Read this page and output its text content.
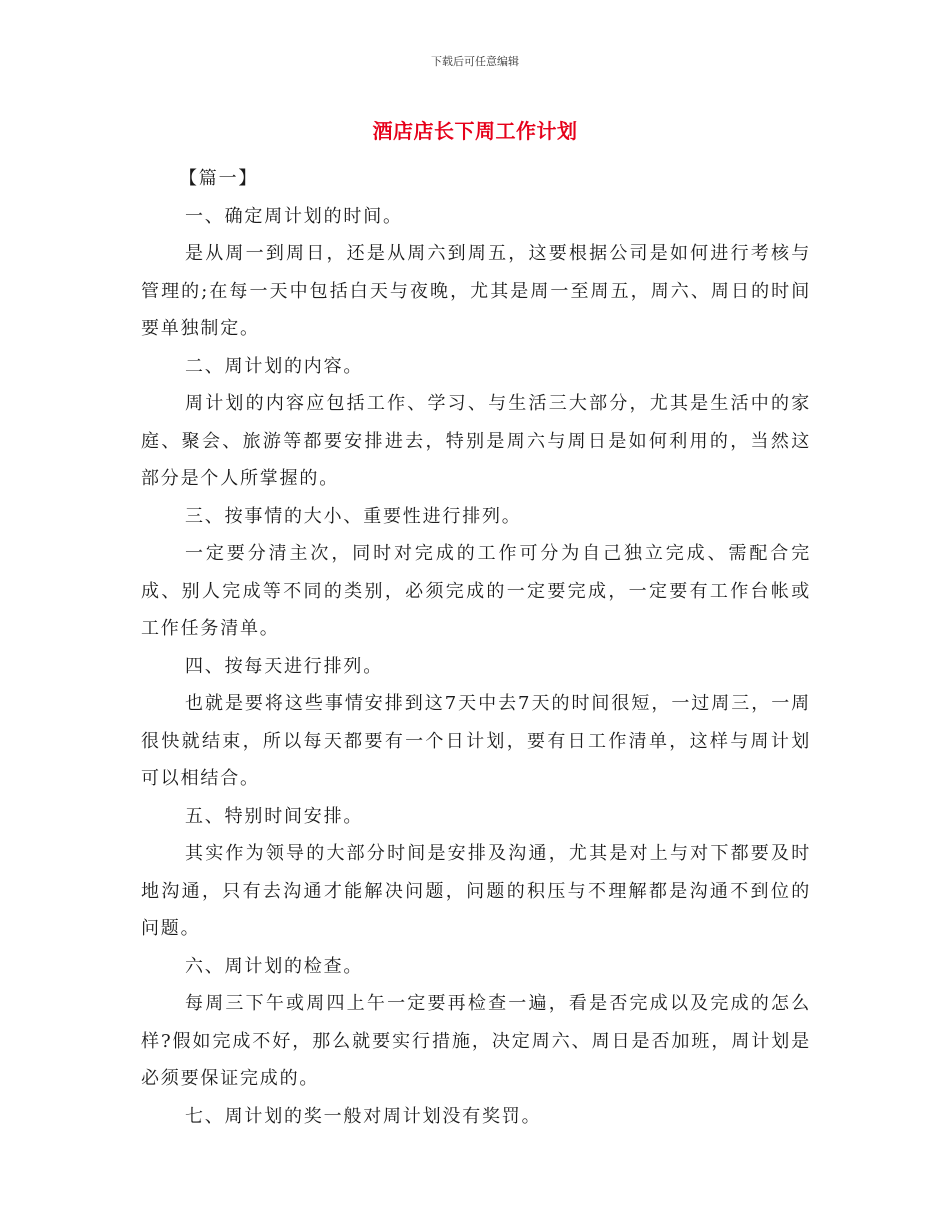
下载后可任意编辑
酒店店长下周工作计划

【篇一】

一、确定周计划的时间。

是从周一到周日，还是从周六到周五，这要根据公司是如何进行考核与管理的;在每一天中包括白天与夜晚，尤其是周一至周五，周六、周日的时间要单独制定。

二、周计划的内容。

周计划的内容应包括工作、学习、与生活三大部分，尤其是生活中的家庭、聚会、旅游等都要安排进去，特别是周六与周日是如何利用的，当然这部分是个人所掌握的。

三、按事情的大小、重要性进行排列。

一定要分清主次，同时对完成的工作可分为自己独立完成、需配合完成、别人完成等不同的类别，必须完成的一定要完成，一定要有工作台帐或工作任务清单。

四、按每天进行排列。

也就是要将这些事情安排到这7天中去7天的时间很短，一过周三，一周很快就结束，所以每天都要有一个日计划，要有日工作清单，这样与周计划可以相结合。

五、特别时间安排。

其实作为领导的大部分时间是安排及沟通，尤其是对上与对下都要及时地沟通，只有去沟通才能解决问题，问题的积压与不理解都是沟通不到位的问题。

六、周计划的检查。

每周三下午或周四上午一定要再检查一遍，看是否完成以及完成的怎么样?假如完成不好，那么就要实行措施，决定周六、周日是否加班，周计划是必须要保证完成的。

七、周计划的奖一般对周计划没有奖罚。
